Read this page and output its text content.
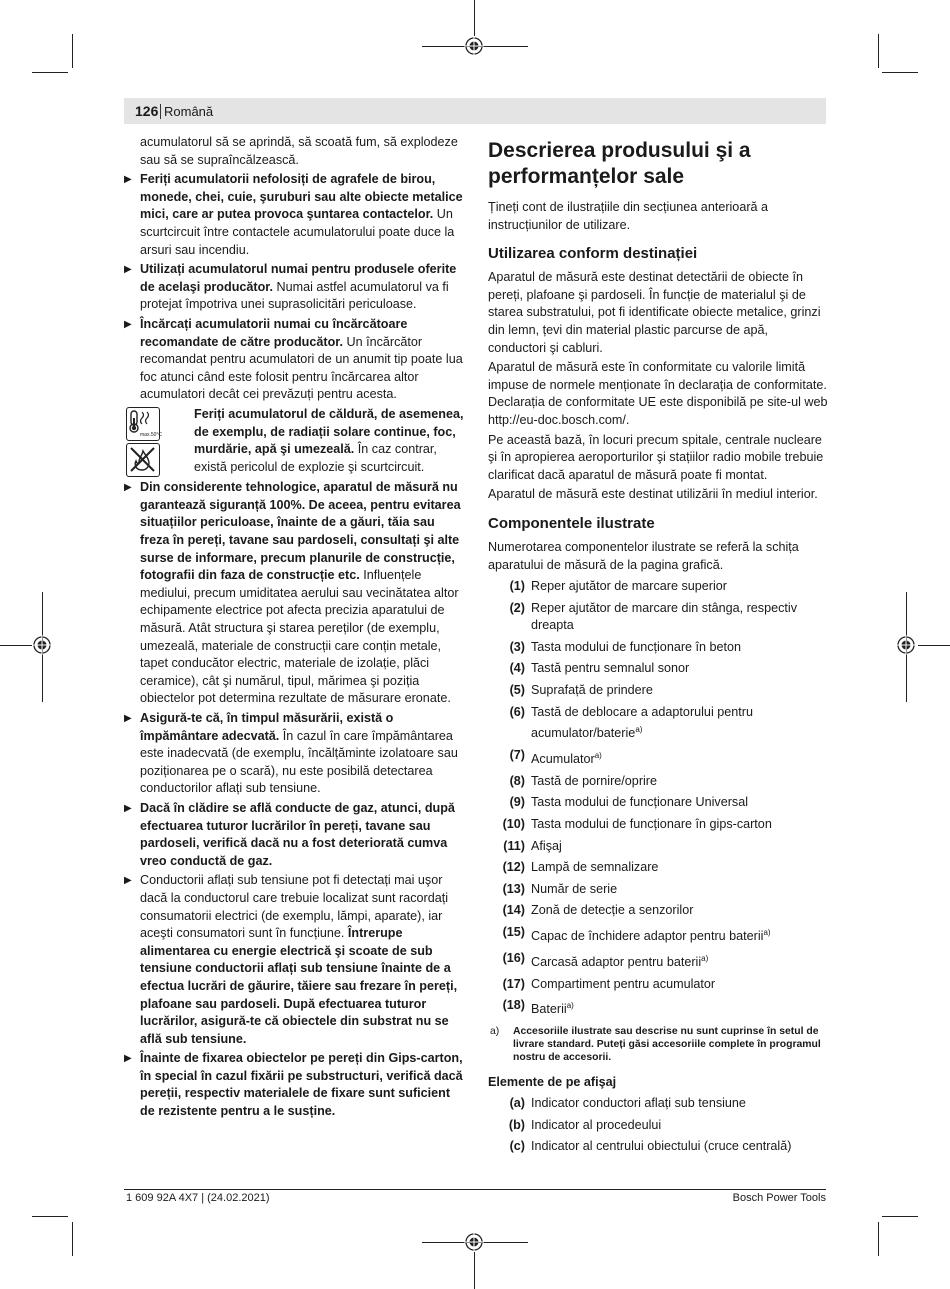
126 Română

acumulatorul să se aprindă, să scoată fum, să explodeze sau să se supraîncălzească.

▶ Feriți acumulatorii nefolosiți de agrafele de birou, monede, chei, cuie, şuruburi sau alte obiecte metalice mici, care ar putea provoca şuntarea contactelor. Un scurtcircuit între contactele acumulatorului poate duce la arsuri sau incendiu.
▶ Utilizați acumulatorul numai pentru produsele oferite de acelaşi producător. Numai astfel acumulatorul va fi protejat împotriva unei suprasolicitări periculoase.
▶ Încărcați acumulatorii numai cu încărcătoare recomandate de către producător. Un încărcător recomandat pentru acumulatori de un anumit tip poate lua foc atunci când este folosit pentru încărcarea altor acumulatori decât cei prevăzuți pentru acesta.
max.50°C
Feriți acumulatorul de căldură, de asemenea, de exemplu, de radiații solare continue, foc, murdărie, apă şi umezeală. În caz contrar, există pericolul de explozie şi scurtcircuit.
▶ Din considerente tehnologice, aparatul de măsură nu garantează siguranță 100%. De aceea, pentru evitarea situațiilor periculoase, înainte de a găuri, tăia sau freza în pereți, tavane sau pardoseli, consultați şi alte surse de informare, precum planurile de construcție, fotografii din faza de construcție etc. Influențele mediului, precum umiditatea aerului sau vecinătatea altor echipamente electrice pot afecta precizia aparatului de măsură. Atât structura şi starea pereților (de exemplu, umezeală, materiale de construcții care conțin metale, tapet conducător electric, materiale de izolație, plăci ceramice), cât şi numărul, tipul, mărimea şi poziția obiectelor pot determina rezultate de măsurare eronate.
▶ Asigură-te că, în timpul măsurării, există o împământare adecvată. În cazul în care împământarea este inadecvată (de exemplu, încălțăminte izolatoare sau poziționarea pe o scară), nu este posibilă detectarea conductorilor aflați sub tensiune.
▶ Dacă în clădire se află conducte de gaz, atunci, după efectuarea tuturor lucrărilor în pereți, tavane sau pardoseli, verifică dacă nu a fost deteriorată cumva vreo conductă de gaz.
▶ Conductorii aflați sub tensiune pot fi detectați mai uşor dacă la conductorul care trebuie localizat sunt racordați consumatorii electrici (de exemplu, lămpi, aparate), iar aceşti consumatori sunt în funcțiune. Întrerupe alimentarea cu energie electrică şi scoate de sub tensiune conductorii aflați sub tensiune înainte de a efectua lucrări de găurire, tăiere sau frezare în pereți, plafoane sau pardoseli. După efectuarea tuturor lucrărilor, asigură-te că obiectele din substrat nu se află sub tensiune.
▶ Înainte de fixarea obiectelor pe pereți din Gips-carton, în special în cazul fixării pe substructuri, verifică dacă pereții, respectiv materialele de fixare sunt suficient de rezistente pentru a le susține.
Descrierea produsului şi a performanțelor sale

Țineți cont de ilustrațiile din secțiunea anterioară a instrucțiunilor de utilizare.

Utilizarea conform destinației

Aparatul de măsură este destinat detectării de obiecte în pereți, plafoane şi pardoseli. În funcție de materialul şi de starea substratului, pot fi identificate obiecte metalice, grinzi din lemn, țevi din material plastic parcurse de apă, conductori şi cabluri.

Aparatul de măsură este în conformitate cu valorile limită impuse de normele menționate în declarația de conformitate. Declarația de conformitate UE este disponibilă pe site-ul web http://eu-doc.bosch.com/.

Pe această bază, în locuri precum spitale, centrale nucleare şi în apropierea aeroporturilor şi stațiilor radio mobile trebuie clarificat dacă aparatul de măsură poate fi montat.

Aparatul de măsură este destinat utilizării în mediul interior.

Componentele ilustrate

Numerotarea componentelor ilustrate se referă la schița aparatului de măsură de la pagina grafică.

(1) Reper ajutător de marcare superior
(2) Reper ajutător de marcare din stânga, respectiv dreapta
(3) Tasta modului de funcționare în beton
(4) Tastă pentru semnalul sonor
(5) Suprafață de prindere
(6) Tastă de deblocare a adaptorului pentru acumulator/baterie$^{a)}$
(7) Acumulator$^{a)}$
(8) Tastă de pornire/oprire
(9) Tasta modului de funcționare Universal
(10) Tasta modului de funcționare în gips-carton
(11) Afişaj
(12) Lampă de semnalizare
(13) Număr de serie
(14) Zonă de detecție a senzorilor
(15) Capac de închidere adaptor pentru baterii$^{a)}$
(16) Carcasă adaptor pentru baterii$^{a)}$
(17) Compartiment pentru acumulator
(18) Baterii$^{a)}$
a) Accesoriile ilustrate sau descrise nu sunt cuprinse în setul de livrare standard. Puteți găsi accesoriile complete în programul nostru de accesorii.
Elemente de pe afişaj
(a) Indicator conductori aflați sub tensiune
(b) Indicator al procedeului
(c) Indicator al centrului obiectului (cruce centrală)
1 609 92A 4X7 | (24.02.2021)	Bosch Power Tools
